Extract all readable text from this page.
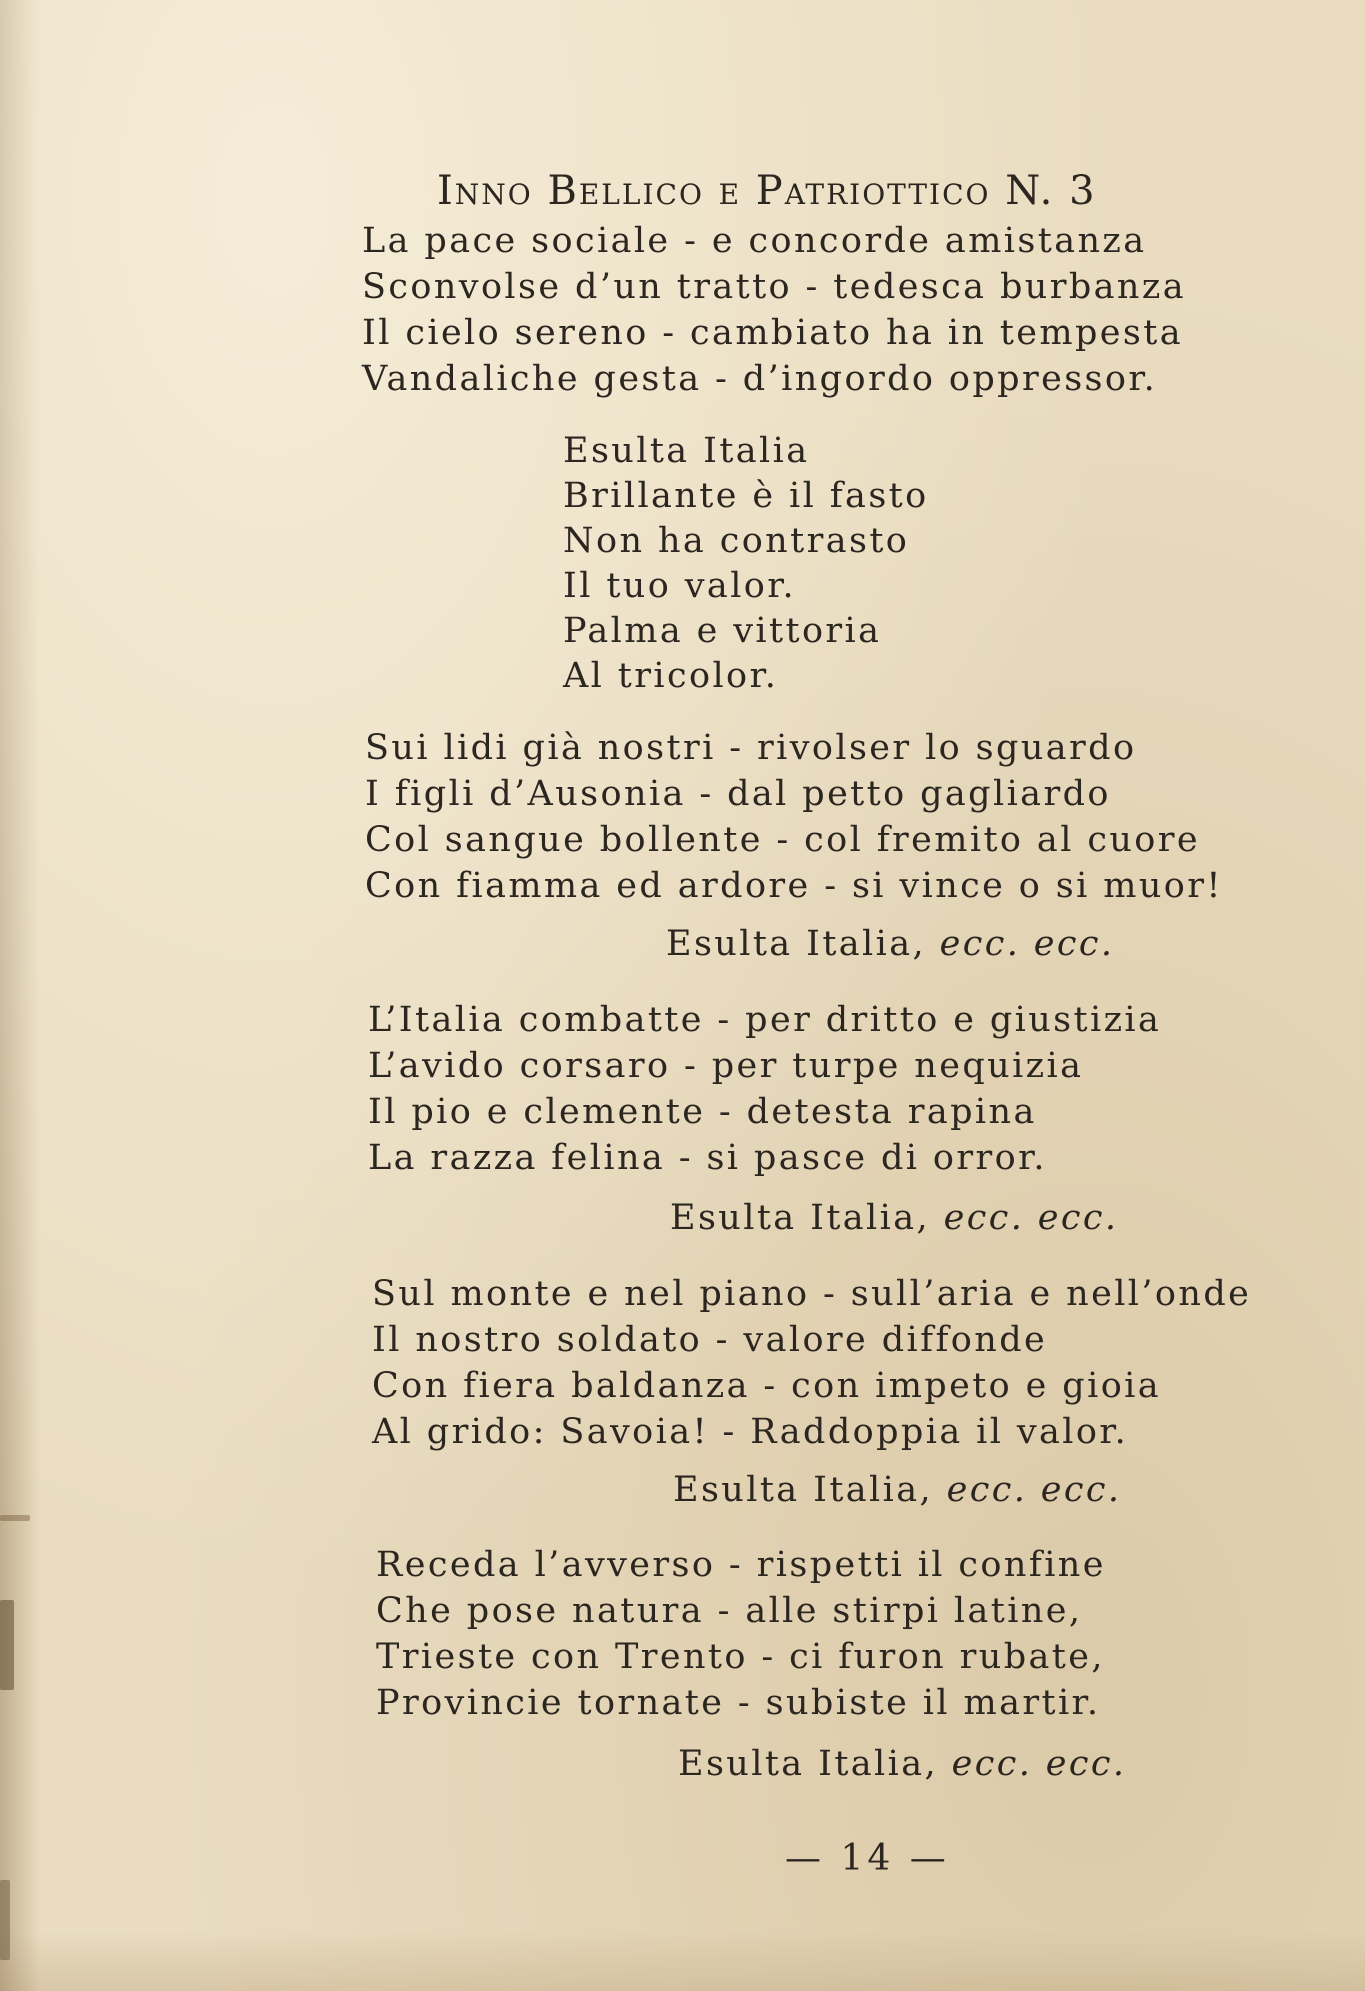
Inno Bellico e Patriottico N. 3
La pace sociale - e concorde amistanza
Sconvolse d’un tratto - tedesca burbanza
Il cielo sereno - cambiato ha in tempesta
Vandaliche gesta - d’ingordo oppressor.
Esulta Italia
Brillante è il fasto
Non ha contrasto
Il tuo valor.
Palma e vittoria
Al tricolor.
Sui lidi già nostri - rivolser lo sguardo
I figli d’Ausonia - dal petto gagliardo
Col sangue bollente - col fremito al cuore
Con fiamma ed ardore - si vince o si muor!
Esulta Italia, ecc. ecc.
L’Italia combatte - per dritto e giustizia
L’avido corsaro - per turpe nequizia
Il pio e clemente - detesta rapina
La razza felina - si pasce di orror.
Esulta Italia, ecc. ecc.
Sul monte e nel piano - sull’aria e nell’onde
Il nostro soldato - valore diffonde
Con fiera baldanza - con impeto e gioia
Al grido: Savoia! - Raddoppia il valor.
Esulta Italia, ecc. ecc.
Receda l’avverso - rispetti il confine
Che pose natura - alle stirpi latine,
Trieste con Trento - ci furon rubate,
Provincie tornate - subiste il martir.
Esulta Italia, ecc. ecc.
— 14 —
